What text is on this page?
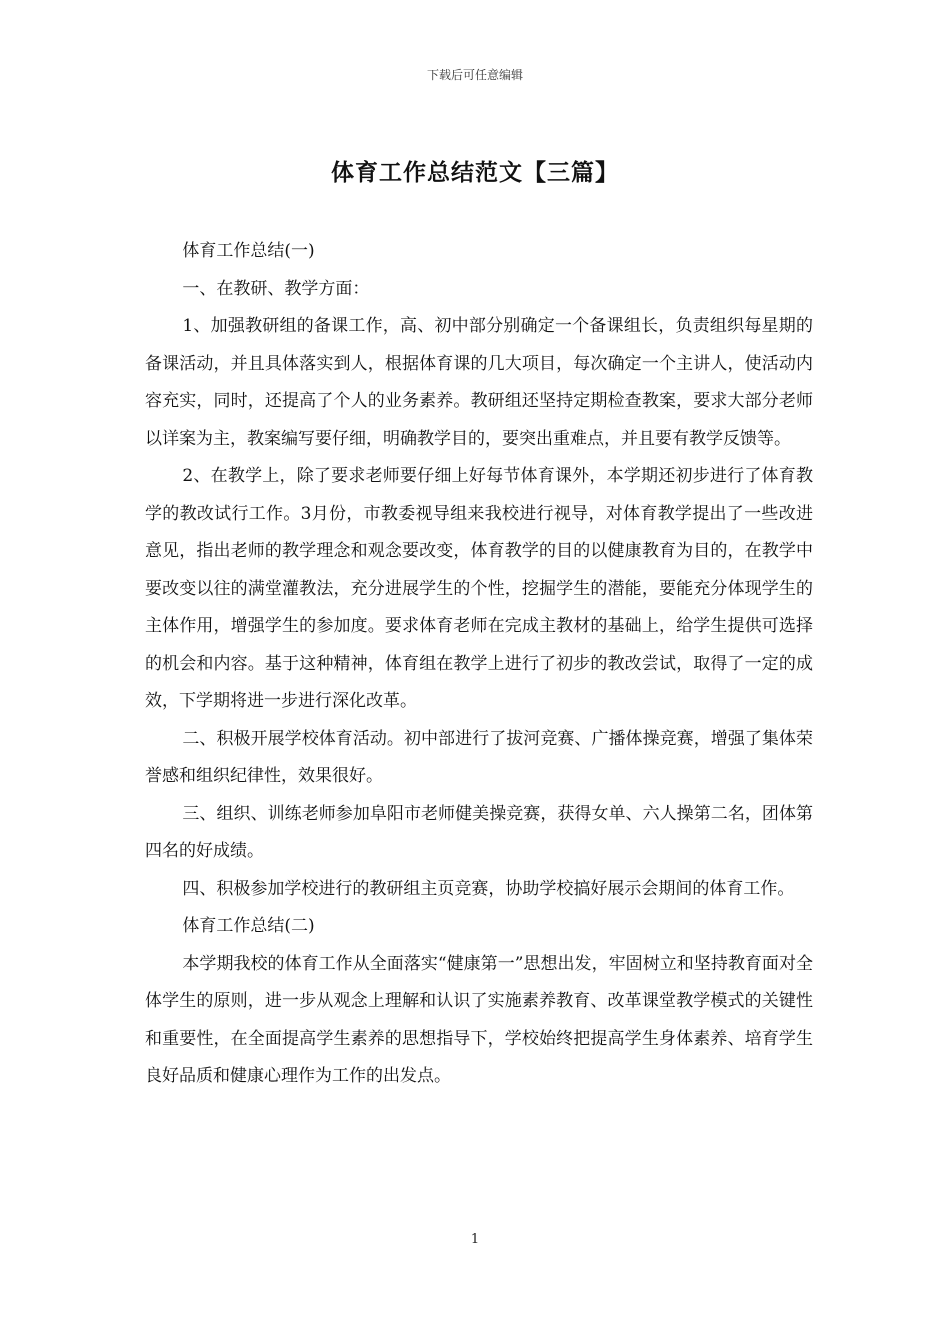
下载后可任意编辑
体育工作总结范文【三篇】

体育工作总结(一)

一、在教研、教学方面：

1、加强教研组的备课工作，高、初中部分别确定一个备课组长，负责组织每星期的备课活动，并且具体落实到人，根据体育课的几大项目，每次确定一个主讲人，使活动内容充实，同时，还提高了个人的业务素养。教研组还坚持定期检查教案，要求大部分老师以详案为主，教案编写要仔细，明确教学目的，要突出重难点，并且要有教学反馈等。

2、在教学上，除了要求老师要仔细上好每节体育课外，本学期还初步进行了体育教学的教改试行工作。3月份，市教委视导组来我校进行视导，对体育教学提出了一些改进意见，指出老师的教学理念和观念要改变，体育教学的目的以健康教育为目的，在教学中要改变以往的满堂灌教法，充分进展学生的个性，挖掘学生的潜能，要能充分体现学生的主体作用，增强学生的参加度。要求体育老师在完成主教材的基础上，给学生提供可选择的机会和内容。基于这种精神，体育组在教学上进行了初步的教改尝试，取得了一定的成效，下学期将进一步进行深化改革。

二、积极开展学校体育活动。初中部进行了拔河竞赛、广播体操竞赛，增强了集体荣誉感和组织纪律性，效果很好。

三、组织、训练老师参加阜阳市老师健美操竞赛，获得女单、六人操第二名，团体第四名的好成绩。

四、积极参加学校进行的教研组主页竞赛，协助学校搞好展示会期间的体育工作。

体育工作总结(二)

本学期我校的体育工作从全面落实“健康第一”思想出发，牢固树立和坚持教育面对全体学生的原则，进一步从观念上理解和认识了实施素养教育、改革课堂教学模式的关键性和重要性，在全面提高学生素养的思想指导下，学校始终把提高学生身体素养、培育学生良好品质和健康心理作为工作的出发点。

1
